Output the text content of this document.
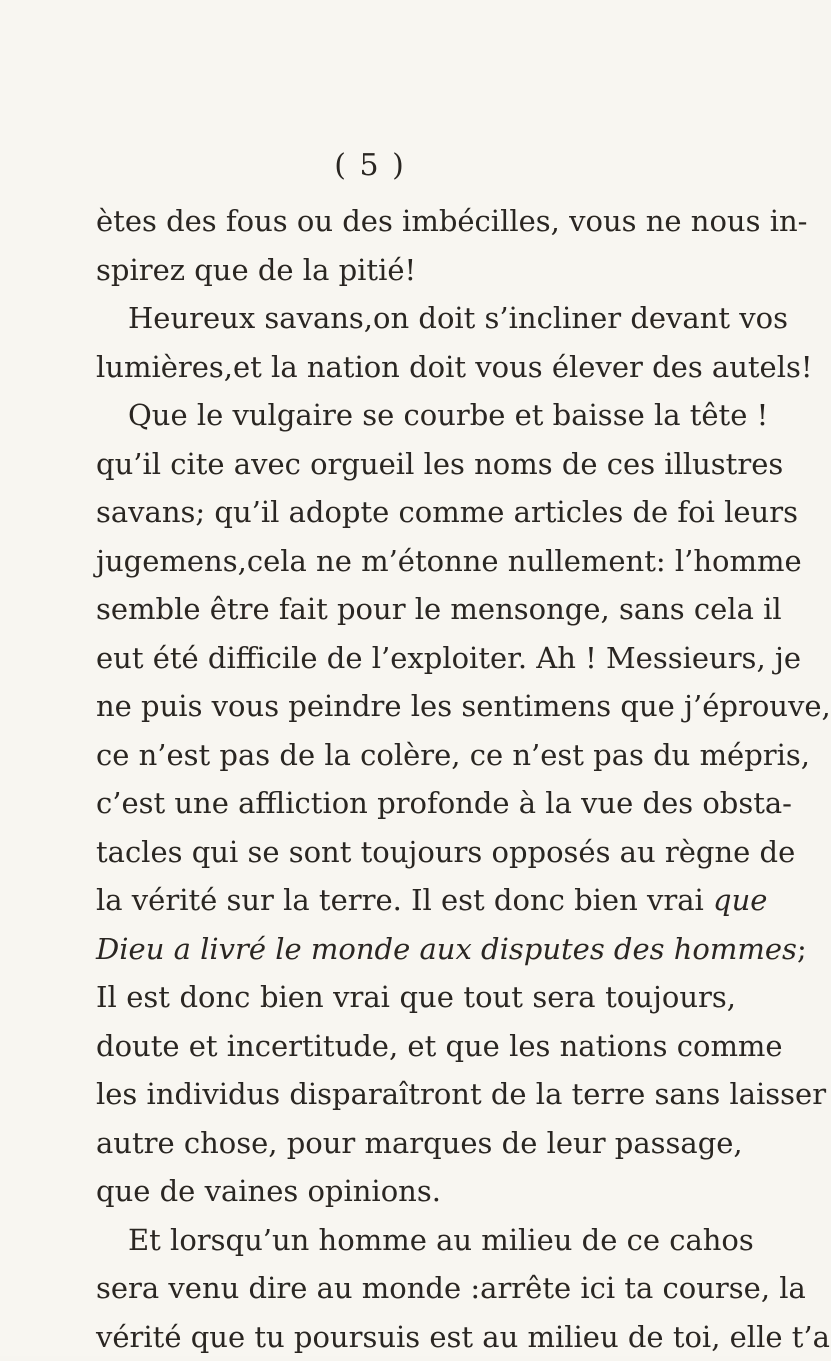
( 5 )
ètes des fous ou des imbécilles, vous ne nous in-
spirez que de la pitié!
Heureux savans,on doit s’incliner devant vos
lumières,et la nation doit vous élever des autels!
Que le vulgaire se courbe et baisse la tête !
qu’il cite avec orgueil les noms de ces illustres
savans; qu’il adopte comme articles de foi leurs
jugemens,cela ne m’étonne nullement: l’homme
semble être fait pour le mensonge, sans cela il
eut été difficile de l’exploiter. Ah ! Messieurs, je
ne puis vous peindre les sentimens que j’éprouve,
ce n’est pas de la colère, ce n’est pas du mépris,
c’est une affliction profonde à la vue des obsta-
tacles qui se sont toujours opposés au règne de
la vérité sur la terre. Il est donc bien vrai que
Dieu a livré le monde aux disputes des hommes;
Il est donc bien vrai que tout sera toujours,
doute et incertitude, et que les nations comme
les individus disparaîtront de la terre sans laisser
autre chose, pour marques de leur passage,
que de vaines opinions.
Et lorsqu’un homme au milieu de ce cahos
sera venu dire au monde :arrête ici ta course, la
vérité que tu poursuis est au milieu de toi, elle t’a
